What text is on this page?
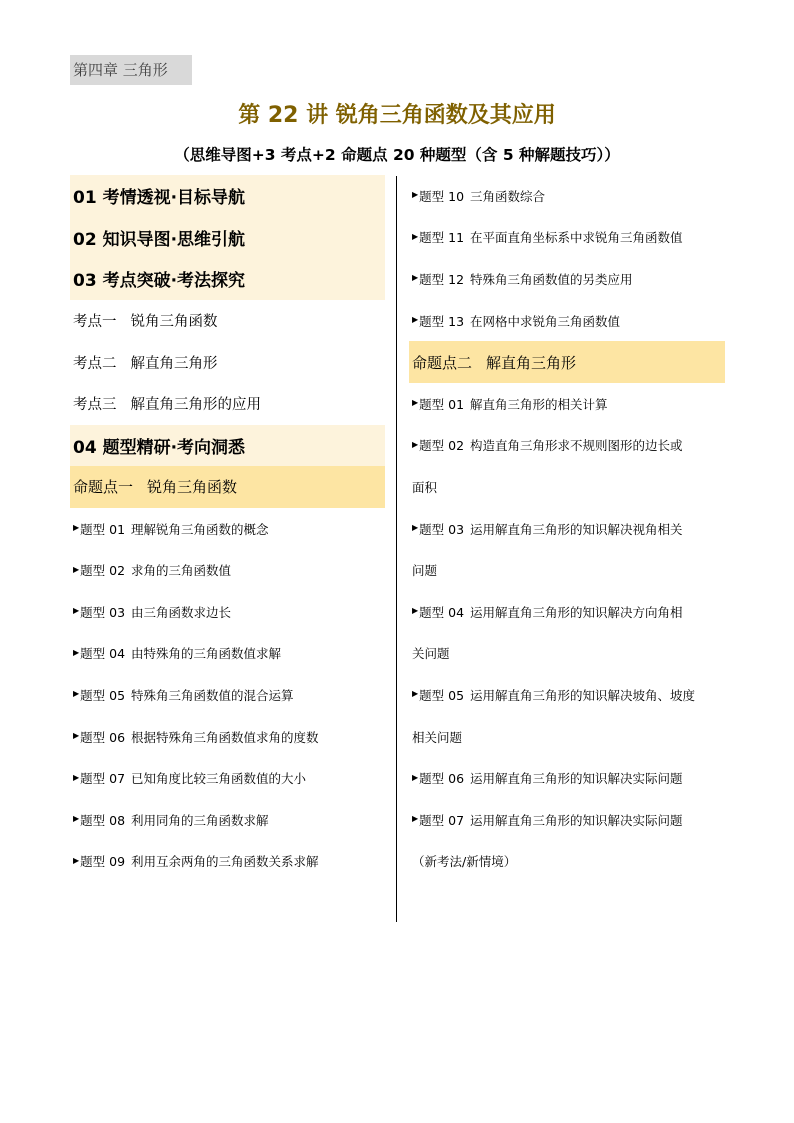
第四章 三角形
第 22 讲 锐角三角函数及其应用
（思维导图+3 考点+2 命题点 20 种题型（含 5 种解题技巧））
01 考情透视·目标导航
02 知识导图·思维引航
03 考点突破·考法探究
考点一 锐角三角函数
考点二 解直角三角形
考点三 解直角三角形的应用
04 题型精研·考向洞悉
命题点一 锐角三角函数
▶ 题型 01 理解锐角三角函数的概念
▶ 题型 02 求角的三角函数值
▶ 题型 03 由三角函数求边长
▶ 题型 04 由特殊角的三角函数值求解
▶ 题型 05 特殊角三角函数值的混合运算
▶ 题型 06 根据特殊角三角函数值求角的度数
▶ 题型 07 已知角度比较三角函数值的大小
▶ 题型 08 利用同角的三角函数求解
▶ 题型 09 利用互余两角的三角函数关系求解
▶ 题型 10 三角函数综合
▶ 题型 11 在平面直角坐标系中求锐角三角函数值
▶ 题型 12 特殊角三角函数值的另类应用
▶ 题型 13 在网格中求锐角三角函数值
命题点二 解直角三角形
▶ 题型 01 解直角三角形的相关计算
▶ 题型 02 构造直角三角形求不规则图形的边长或
面积
▶ 题型 03 运用解直角三角形的知识解决视角相关
问题
▶ 题型 04 运用解直角三角形的知识解决方向角相
关问题
▶ 题型 05 运用解直角三角形的知识解决坡角、坡度
相关问题
▶ 题型 06 运用解直角三角形的知识解决实际问题
▶ 题型 07 运用解直角三角形的知识解决实际问题
（新考法/新情境）
